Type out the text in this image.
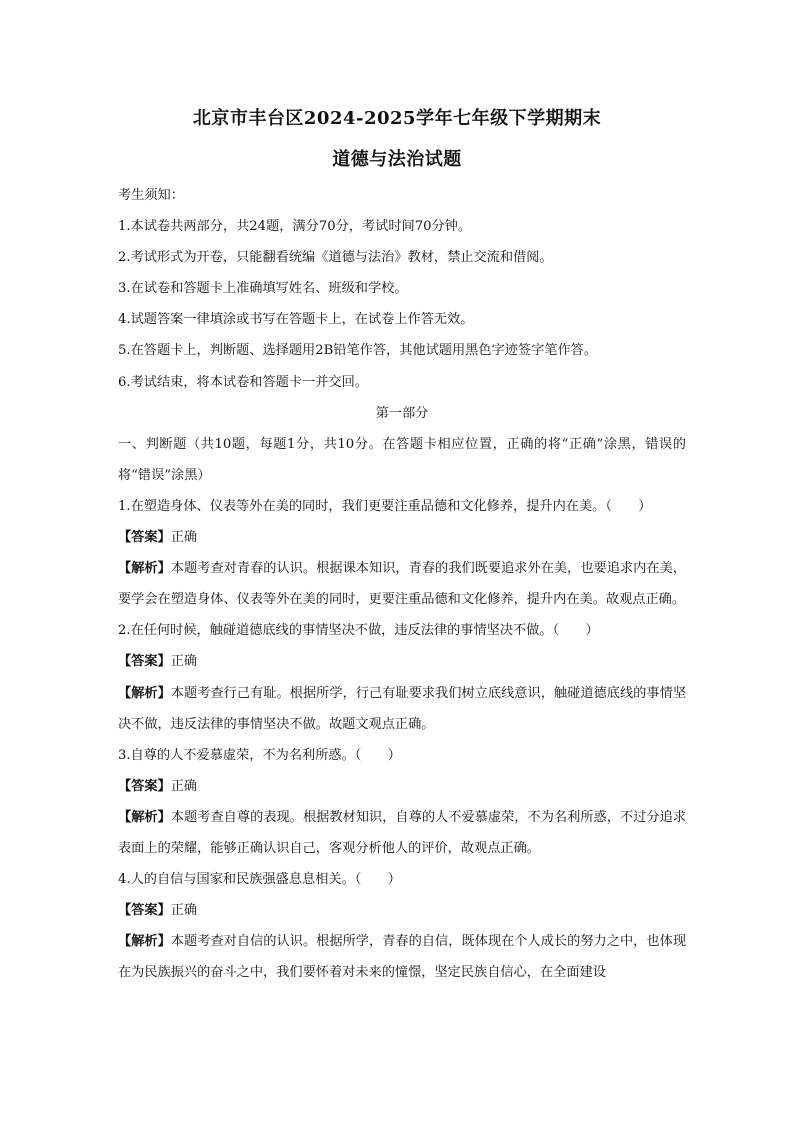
北京市丰台区2024-2025学年七年级下学期期末
道德与法治试题
考生须知：
1.本试卷共两部分，共24题，满分70分，考试时间70分钟。
2.考试形式为开卷，只能翻看统编《道德与法治》教材，禁止交流和借阅。
3.在试卷和答题卡上准确填写姓名、班级和学校。
4.试题答案一律填涂或书写在答题卡上，在试卷上作答无效。
5.在答题卡上，判断题、选择题用2B铅笔作答，其他试题用黑色字迹签字笔作答。
6.考试结束，将本试卷和答题卡一并交回。
第一部分
一、判断题（共10题，每题1分，共10分。在答题卡相应位置，正确的将“正确”涂黑，错误的将“错误”涂黑）
1.在塑造身体、仪表等外在美的同时，我们更要注重品德和文化修养，提升内在美。（　　）
【答案】正确
【解析】本题考查对青春的认识。根据课本知识，青春的我们既要追求外在美，也要追求内在美，要学会在塑造身体、仪表等外在美的同时，更要注重品德和文化修养，提升内在美。故观点正确。
2.在任何时候，触碰道德底线的事情坚决不做，违反法律的事情坚决不做。（　　）
【答案】正确
【解析】本题考查行己有耻。根据所学，行己有耻要求我们树立底线意识，触碰道德底线的事情坚决不做，违反法律的事情坚决不做。故题文观点正确。
3.自尊的人不爱慕虚荣，不为名利所惑。（　　）
【答案】正确
【解析】本题考查自尊的表现。根据教材知识，自尊的人不爱慕虚荣，不为名利所惑，不过分追求表面上的荣耀，能够正确认识自己，客观分析他人的评价，故观点正确。
4.人的自信与国家和民族强盛息息相关。（　　）
【答案】正确
【解析】本题考查对自信的认识。根据所学，青春的自信，既体现在个人成长的努力之中，也体现在为民族振兴的奋斗之中，我们要怀着对未来的憧憬，坚定民族自信心，在全面建设
